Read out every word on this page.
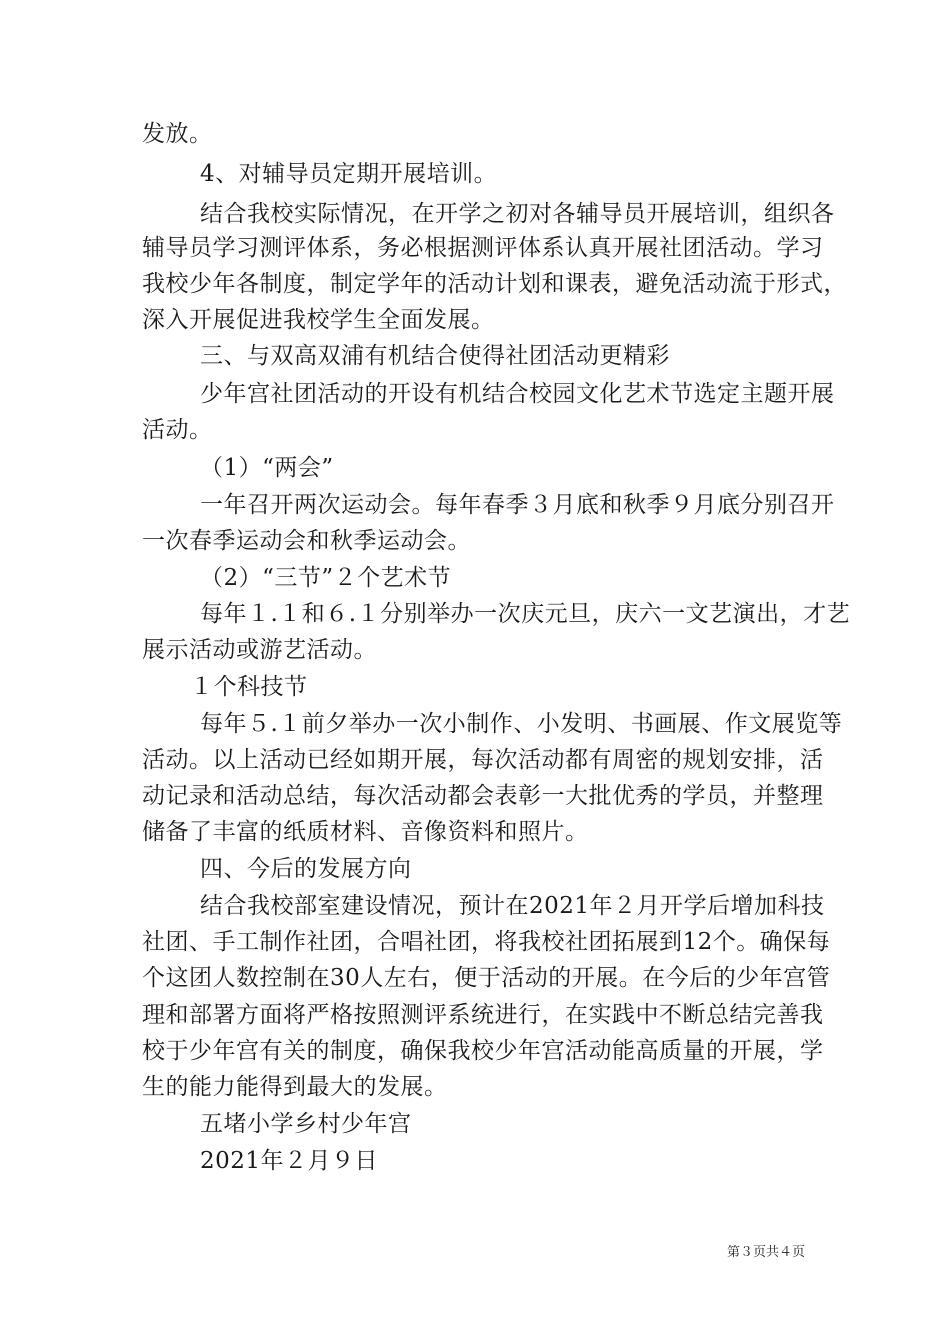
发放。
4、对辅导员定期开展培训。
结合我校实际情况，在开学之初对各辅导员开展培训，组织各
辅导员学习测评体系，务必根据测评体系认真开展社团活动。学习
我校少年各制度，制定学年的活动计划和课表，避免活动流于形式，
深入开展促进我校学生全面发展。
三、与双高双浦有机结合使得社团活动更精彩
少年宫社团活动的开设有机结合校园文化艺术节选定主题开展
活动。
（1）“两会”
一年召开两次运动会。每年春季３月底和秋季９月底分别召开
一次春季运动会和秋季运动会。
（2）“三节”２个艺术节
每年１.１和６.１分别举办一次庆元旦，庆六一文艺演出，才艺
展示活动或游艺活动。
１个科技节
每年５.１前夕举办一次小制作、小发明、书画展、作文展览等
活动。以上活动已经如期开展，每次活动都有周密的规划安排，活
动记录和活动总结，每次活动都会表彰一大批优秀的学员，并整理
储备了丰富的纸质材料、音像资料和照片。
四、今后的发展方向
结合我校部室建设情况，预计在2021年２月开学后增加科技
社团、手工制作社团，合唱社团，将我校社团拓展到12个。确保每
个这团人数控制在30人左右，便于活动的开展。在今后的少年宫管
理和部署方面将严格按照测评系统进行，在实践中不断总结完善我
校于少年宫有关的制度，确保我校少年宫活动能高质量的开展，学
生的能力能得到最大的发展。
五堵小学乡村少年宫
2021年２月９日
第３页共４页
